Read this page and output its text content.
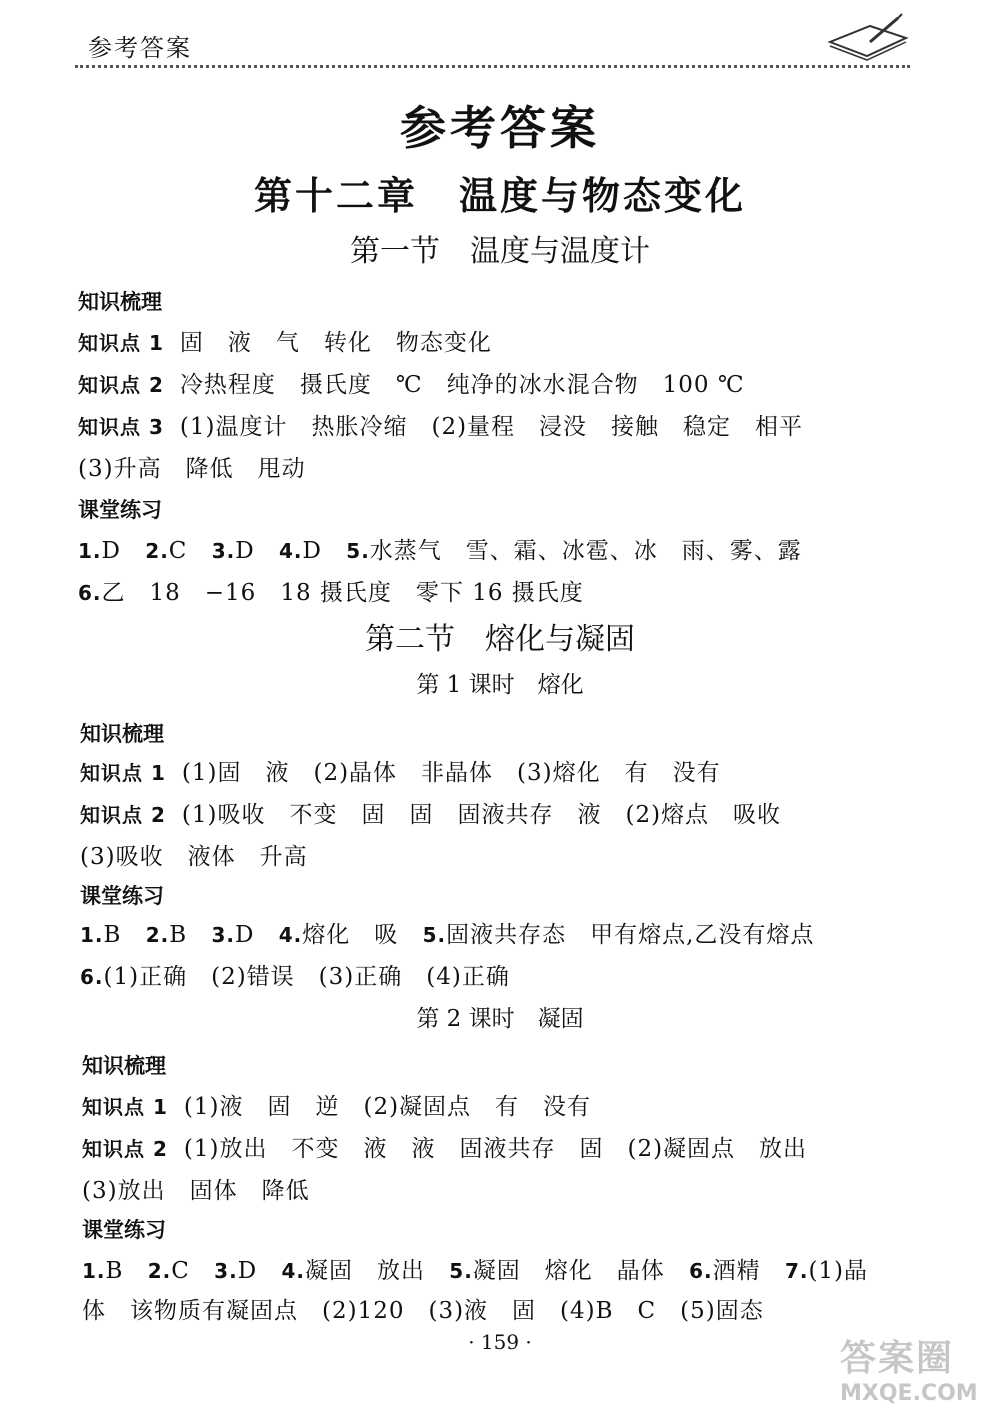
参考答案
参考答案
第十二章　温度与物态变化
第一节　温度与温度计
知识梳理
知识点 1 固　液　气　转化　物态变化
知识点 2 冷热程度　摄氏度　℃　纯净的冰水混合物　100 ℃
知识点 3 (1)温度计　热胀冷缩　(2)量程　浸没　接触　稳定　相平
(3)升高　降低　甩动
课堂练习
1.D 2.C 3.D 4.D 5.水蒸气　雪、霜、冰雹、冰　雨、雾、露
6.乙　18　−16　18 摄氏度　零下 16 摄氏度
第二节　熔化与凝固
第 1 课时　熔化
知识梳理
知识点 1 (1)固　液　(2)晶体　非晶体　(3)熔化　有　没有
知识点 2 (1)吸收　不变　固　固　固液共存　液　(2)熔点　吸收
(3)吸收　液体　升高
课堂练习
1.B 2.B 3.D 4.熔化　吸 5.固液共存态　甲有熔点,乙没有熔点
6.(1)正确　(2)错误　(3)正确　(4)正确
第 2 课时　凝固
知识梳理
知识点 1 (1)液　固　逆　(2)凝固点　有　没有
知识点 2 (1)放出　不变　液　液　固液共存　固　(2)凝固点　放出
(3)放出　固体　降低
课堂练习
1.B 2.C 3.D 4.凝固　放出 5.凝固　熔化　晶体 6.酒精 7.(1)晶
体　该物质有凝固点　(2)120　(3)液　固　(4)B　C　(5)固态
· 159 ·	答案圈
MXQE.COM
